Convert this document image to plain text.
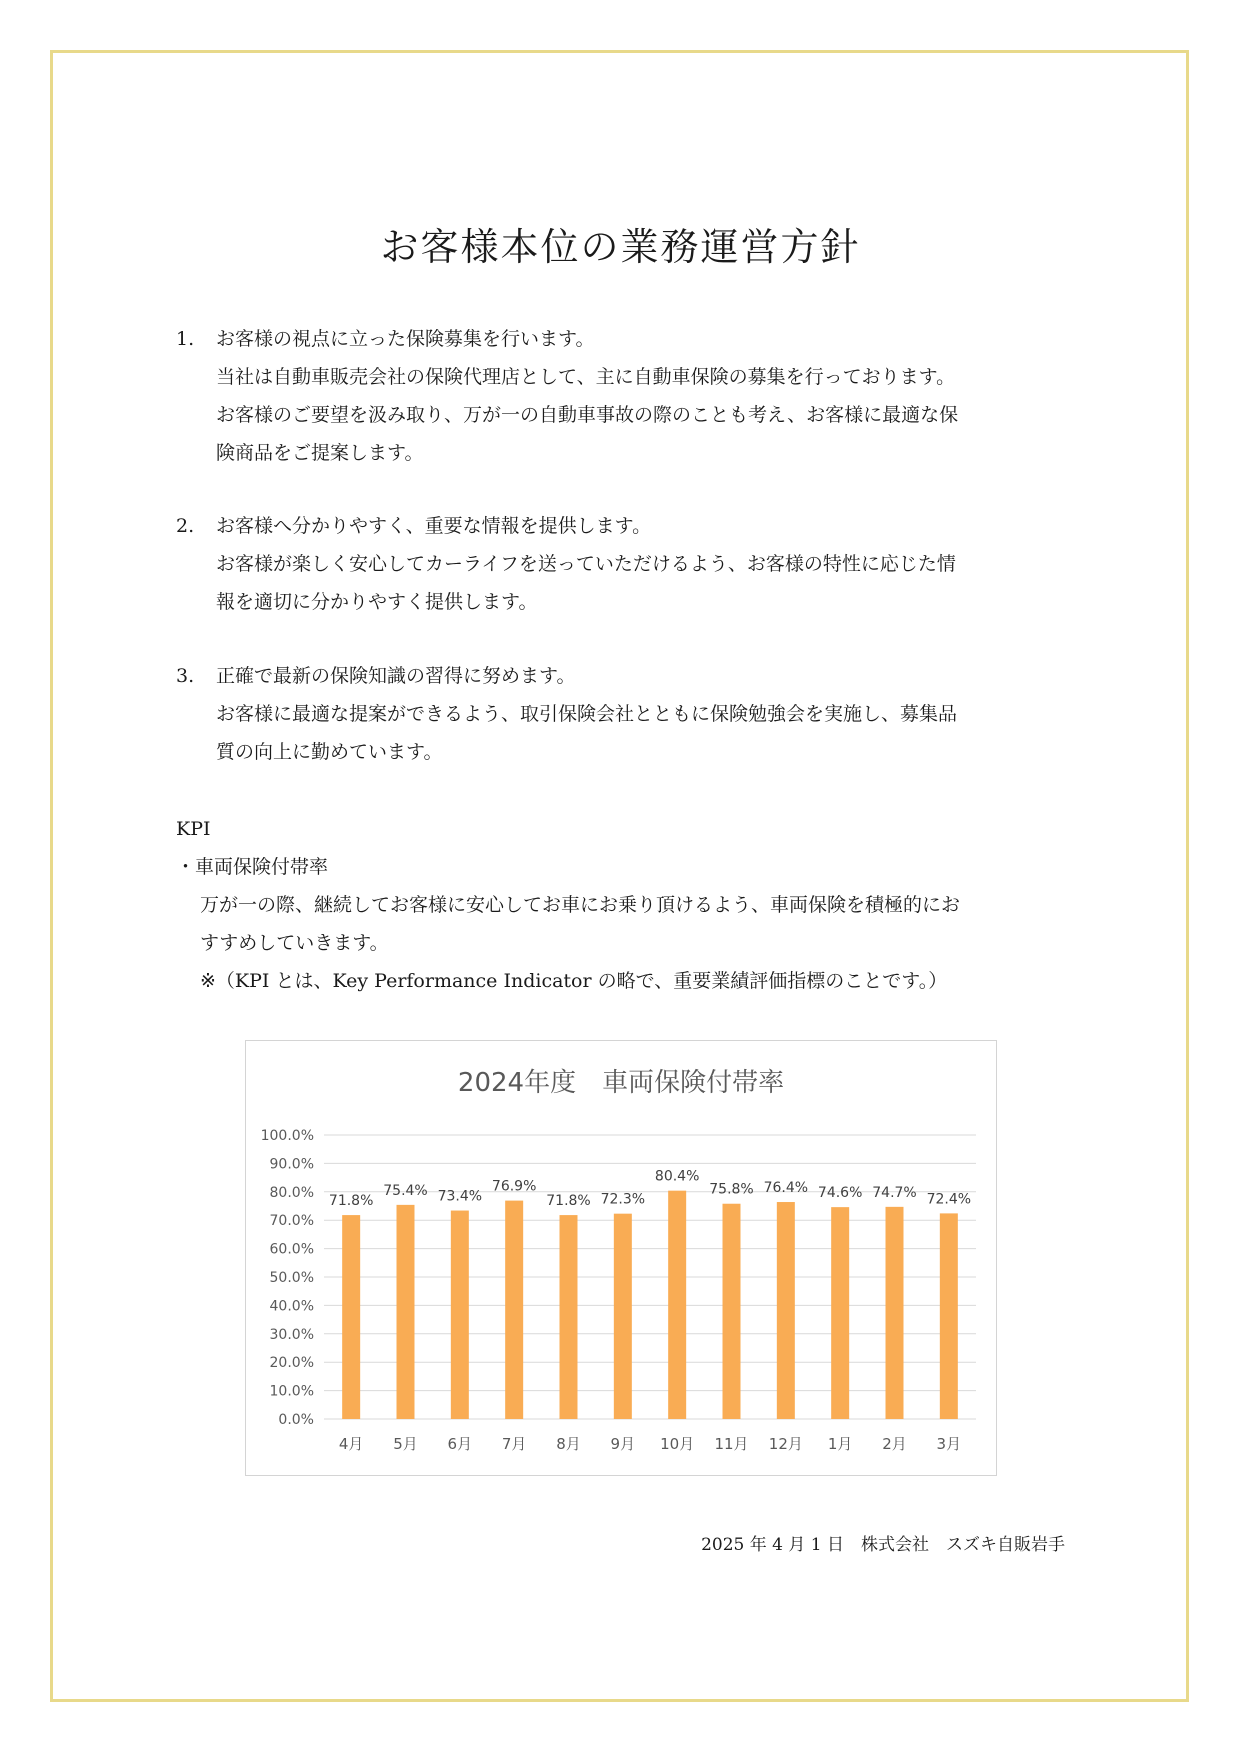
お客様本位の業務運営方針
1. お客様の視点に立った保険募集を行います。
当社は自動車販売会社の保険代理店として、主に自動車保険の募集を行っております。
お客様のご要望を汲み取り、万が一の自動車事故の際のことも考え、お客様に最適な保
険商品をご提案します。
2. お客様へ分かりやすく、重要な情報を提供します。
お客様が楽しく安心してカーライフを送っていただけるよう、お客様の特性に応じた情
報を適切に分かりやすく提供します。
3. 正確で最新の保険知識の習得に努めます。
お客様に最適な提案ができるよう、取引保険会社とともに保険勉強会を実施し、募集品
質の向上に勤めています。
KPI
・車両保険付帯率
万が一の際、継続してお客様に安心してお車にお乗り頂けるよう、車両保険を積極的にお
すすめしていきます。
※（KPI とは、Key Performance Indicator の略で、重要業績評価指標のことです。）
2024年度　車両保険付帯率
0.0%
10.0%
20.0%
30.0%
40.0%
50.0%
60.0%
70.0%
80.0%
90.0%
100.0%
71.8%
4月
75.4%
5月
73.4%
6月
76.9%
7月
71.8%
8月
72.3%
9月
80.4%
10月
75.8%
11月
76.4%
12月
74.6%
1月
74.7%
2月
72.4%
3月
2025 年 4 月 1 日　株式会社　スズキ自販岩手
